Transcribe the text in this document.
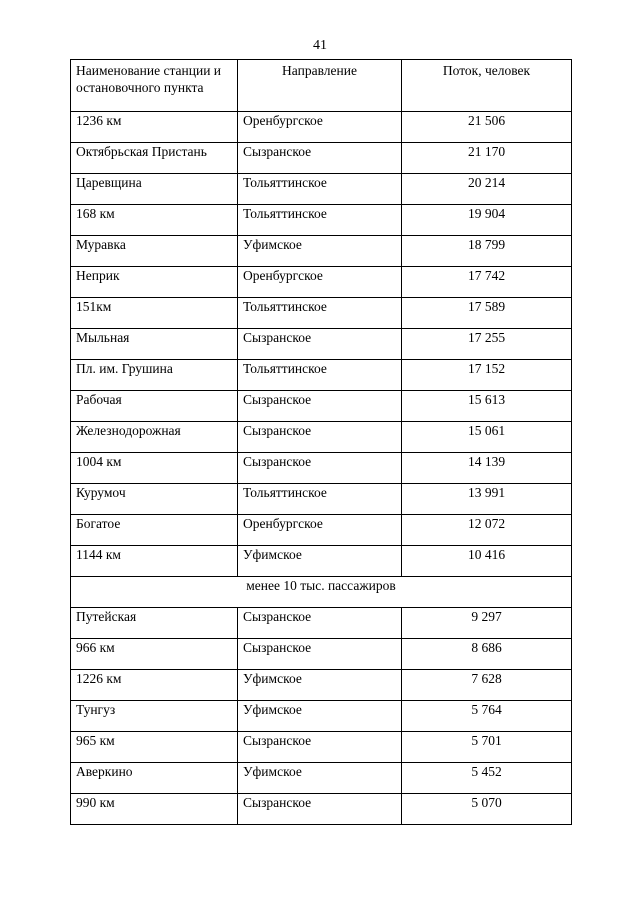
41
Наименование станции и остановочного пункта	Направление	Поток, человек
1236 км	Оренбургское	21 506
Октябрьская Пристань	Сызранское	21 170
Царевщина	Тольяттинское	20 214
168 км	Тольяттинское	19 904
Муравка	Уфимское	18 799
Неприк	Оренбургское	17 742
151км	Тольяттинское	17 589
Мыльная	Сызранское	17 255
Пл. им. Грушина	Тольяттинское	17 152
Рабочая	Сызранское	15 613
Железнодорожная	Сызранское	15 061
1004 км	Сызранское	14 139
Курумоч	Тольяттинское	13 991
Богатое	Оренбургское	12 072
1144 км	Уфимское	10 416
менее 10 тыс. пассажиров		
Путейская	Сызранское	9 297
966 км	Сызранское	8 686
1226 км	Уфимское	7 628
Тунгуз	Уфимское	5 764
965 км	Сызранское	5 701
Аверкино	Уфимское	5 452
990 км	Сызранское	5 070
